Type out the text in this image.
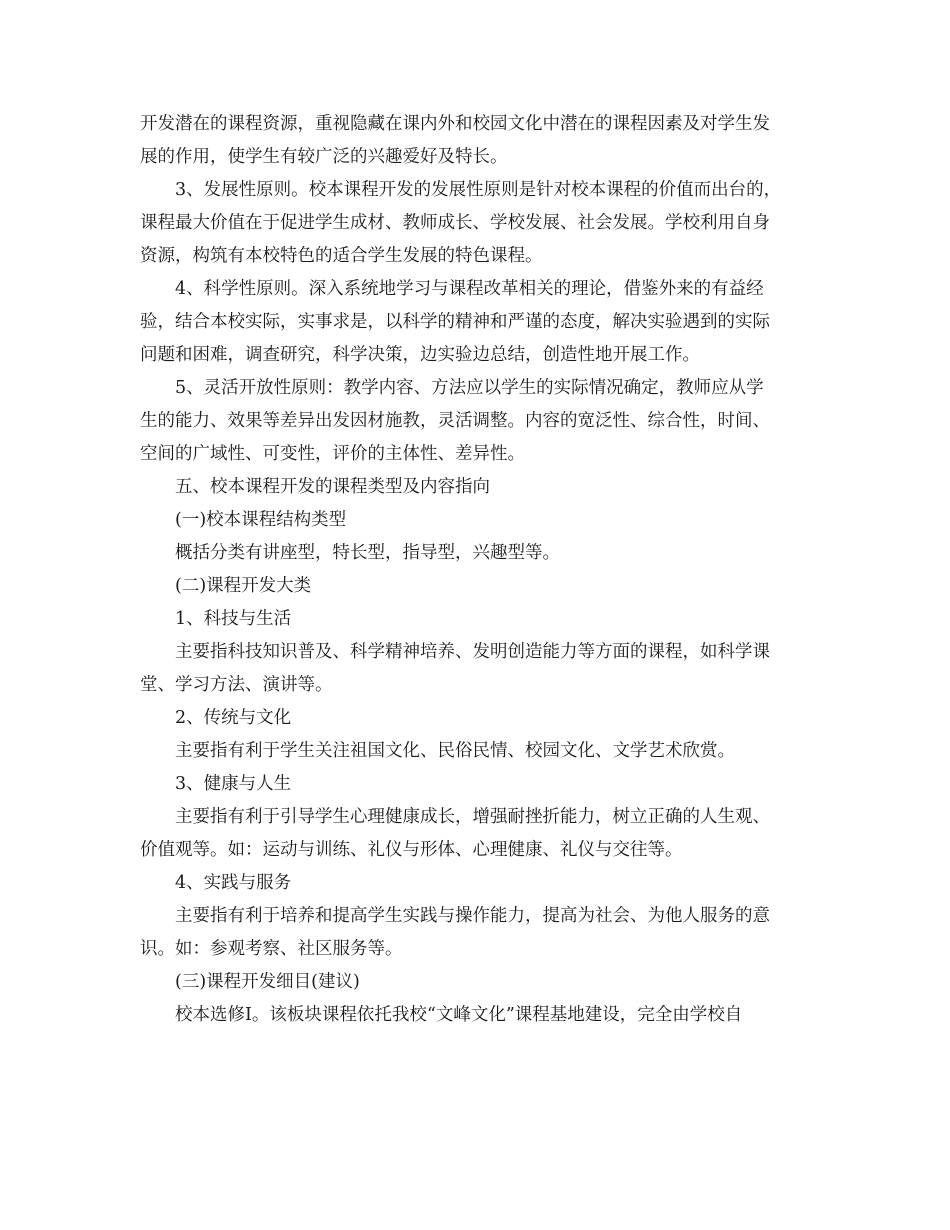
开发潜在的课程资源，重视隐藏在课内外和校园文化中潜在的课程因素及对学生发
展的作用，使学生有较广泛的兴趣爱好及特长。
3、发展性原则。校本课程开发的发展性原则是针对校本课程的价值而出台的，
课程最大价值在于促进学生成材、教师成长、学校发展、社会发展。学校利用自身
资源，构筑有本校特色的适合学生发展的特色课程。
4、科学性原则。深入系统地学习与课程改革相关的理论，借鉴外来的有益经
验，结合本校实际，实事求是，以科学的精神和严谨的态度，解决实验遇到的实际
问题和困难，调查研究，科学决策，边实验边总结，创造性地开展工作。
5、灵活开放性原则：教学内容、方法应以学生的实际情况确定，教师应从学
生的能力、效果等差异出发因材施教，灵活调整。内容的宽泛性、综合性，时间、
空间的广域性、可变性，评价的主体性、差异性。
五、校本课程开发的课程类型及内容指向
(一)校本课程结构类型
概括分类有讲座型，特长型，指导型，兴趣型等。
(二)课程开发大类
1、科技与生活
主要指科技知识普及、科学精神培养、发明创造能力等方面的课程，如科学课
堂、学习方法、演讲等。
2、传统与文化
主要指有利于学生关注祖国文化、民俗民情、校园文化、文学艺术欣赏。
3、健康与人生
主要指有利于引导学生心理健康成长，增强耐挫折能力，树立正确的人生观、
价值观等。如：运动与训练、礼仪与形体、心理健康、礼仪与交往等。
4、实践与服务
主要指有利于培养和提高学生实践与操作能力，提高为社会、为他人服务的意
识。如：参观考察、社区服务等。
(三)课程开发细目(建议)
校本选修Ⅰ。该板块课程依托我校“文峰文化”课程基地建设，完全由学校自
